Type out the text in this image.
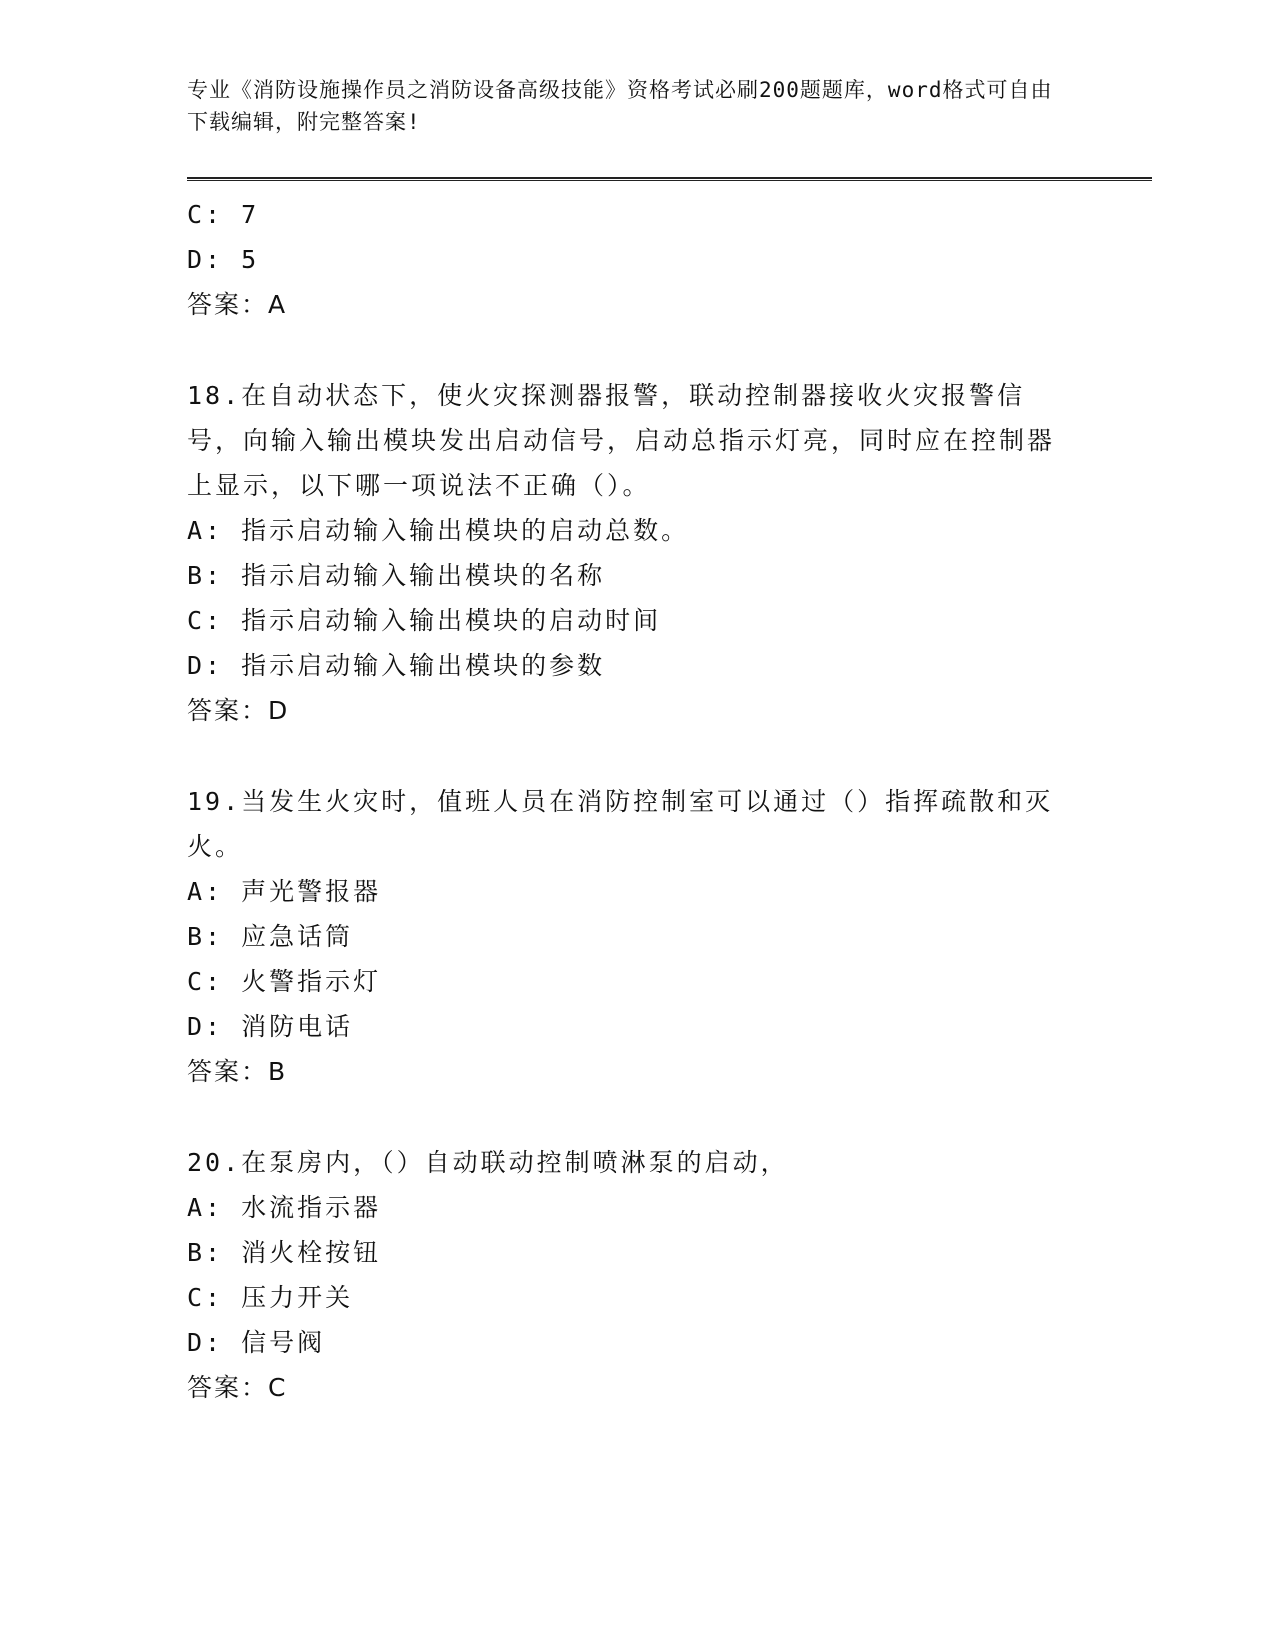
专业《消防设施操作员之消防设备高级技能》资格考试必刷200题题库，word格式可自由下载编辑，附完整答案!
C: 7
D: 5
答案：A
18.在自动状态下，使火灾探测器报警，联动控制器接收火灾报警信号，向输入输出模块发出启动信号，启动总指示灯亮，同时应在控制器上显示，以下哪一项说法不正确（）。
A: 指示启动输入输出模块的启动总数。
B: 指示启动输入输出模块的名称
C: 指示启动输入输出模块的启动时间
D: 指示启动输入输出模块的参数
答案：D
19.当发生火灾时，值班人员在消防控制室可以通过（）指挥疏散和灭火。
A: 声光警报器
B: 应急话筒
C: 火警指示灯
D: 消防电话
答案：B
20.在泵房内，（）自动联动控制喷淋泵的启动，
A: 水流指示器
B: 消火栓按钮
C: 压力开关
D: 信号阀
答案：C
